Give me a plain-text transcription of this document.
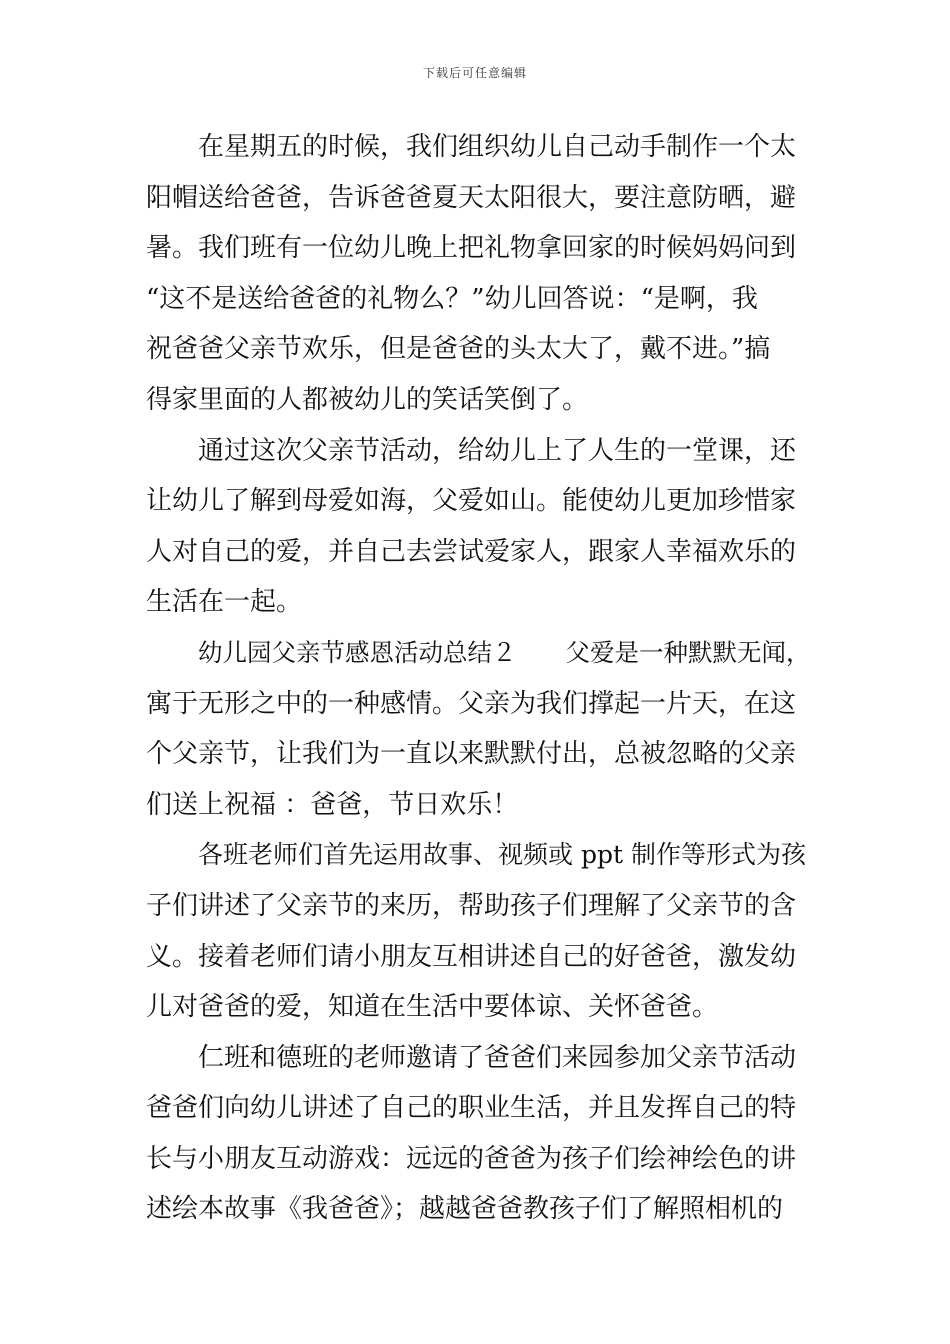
下载后可任意编辑
在星期五的时候，我们组织幼儿自己动手制作一个太
阳帽送给爸爸，告诉爸爸夏天太阳很大，要注意防晒，避
暑。我们班有一位幼儿晚上把礼物拿回家的时候妈妈问到
“这不是送给爸爸的礼物么？”幼儿回答说：“是啊，我
祝爸爸父亲节欢乐，但是爸爸的头太大了，戴不进。”搞
得家里面的人都被幼儿的笑话笑倒了。
通过这次父亲节活动，给幼儿上了人生的一堂课，还
让幼儿了解到母爱如海，父爱如山。能使幼儿更加珍惜家
人对自己的爱，并自己去尝试爱家人，跟家人幸福欢乐的
生活在一起。
幼儿园父亲节感恩活动总结２　　父爱是一种默默无闻，
寓于无形之中的一种感情。父亲为我们撑起一片天，在这
个父亲节，让我们为一直以来默默付出，总被忽略的父亲
们送上祝福 ：爸爸，节日欢乐！
各班老师们首先运用故事、视频或 ppt 制作等形式为孩
子们讲述了父亲节的来历，帮助孩子们理解了父亲节的含
义。接着老师们请小朋友互相讲述自己的好爸爸，激发幼
儿对爸爸的爱，知道在生活中要体谅、关怀爸爸。
仁班和德班的老师邀请了爸爸们来园参加父亲节活动
爸爸们向幼儿讲述了自己的职业生活，并且发挥自己的特
长与小朋友互动游戏：远远的爸爸为孩子们绘神绘色的讲
述绘本故事《我爸爸》；越越爸爸教孩子们了解照相机的
